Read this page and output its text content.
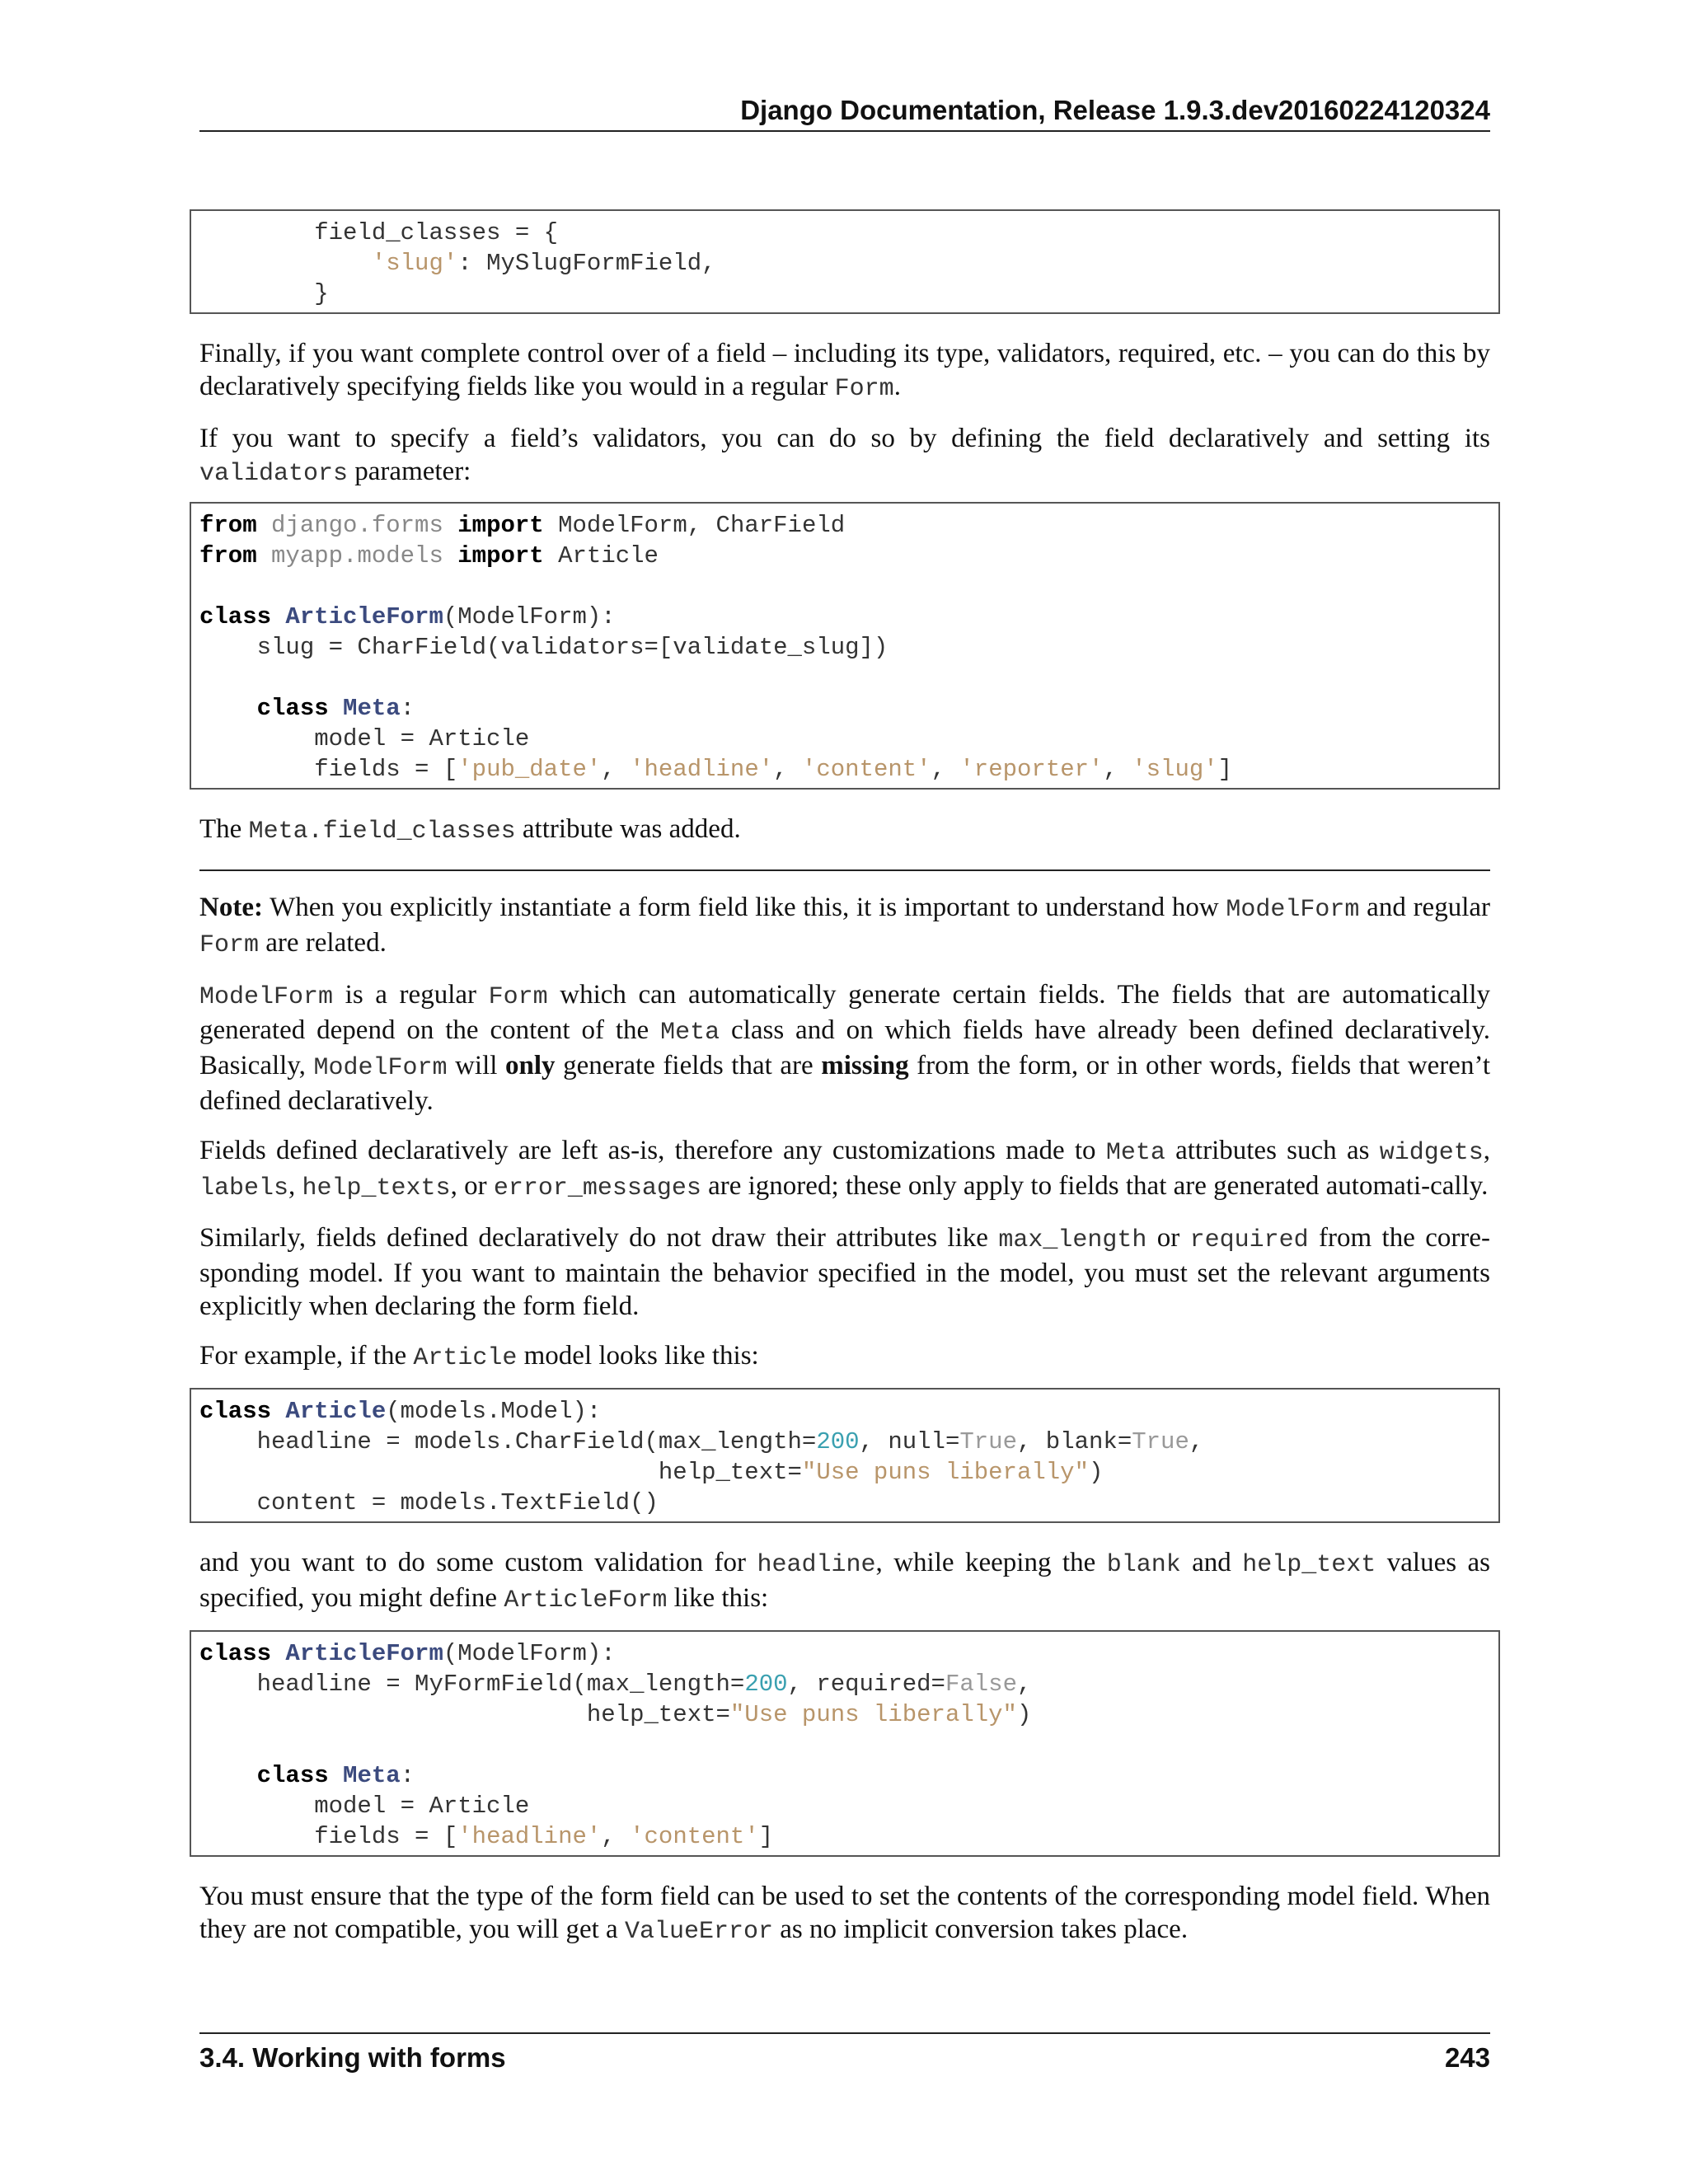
Django Documentation, Release 1.9.3.dev20160224120324
field_classes = {
'slug': MySlugFormField,
}

Finally, if you want complete control over of a field – including its type, validators, required, etc. – you can do this by declaratively specifying fields like you would in a regular Form.

If you want to specify a field’s validators, you can do so by defining the field declaratively and setting its validators parameter:

from django.forms import ModelForm, CharField
from myapp.models import Article
class ArticleForm(ModelForm):
slug = CharField(validators=[validate_slug])
class Meta:
model = Article
fields = ['pub_date', 'headline', 'content', 'reporter', 'slug']

The Meta.field_classes attribute was added.

Note: When you explicitly instantiate a form field like this, it is important to understand how ModelForm and regular Form are related.

ModelForm is a regular Form which can automatically generate certain fields. The fields that are automatically generated depend on the content of the Meta class and on which fields have already been defined declaratively. Basically, ModelForm will only generate fields that are missing from the form, or in other words, fields that weren’t defined declaratively.

Fields defined declaratively are left as-is, therefore any customizations made to Meta attributes such as widgets, labels, help_texts, or error_messages are ignored; these only apply to fields that are generated automati-cally.

Similarly, fields defined declaratively do not draw their attributes like max_length or required from the corre-sponding model. If you want to maintain the behavior specified in the model, you must set the relevant arguments explicitly when declaring the form field.

For example, if the Article model looks like this:

class Article(models.Model):
headline = models.CharField(max_length=200, null=True, blank=True,
help_text="Use puns liberally")
content = models.TextField()

and you want to do some custom validation for headline, while keeping the blank and help_text values as specified, you might define ArticleForm like this:

class ArticleForm(ModelForm):
headline = MyFormField(max_length=200, required=False,
help_text="Use puns liberally")
class Meta:
model = Article
fields = ['headline', 'content']

You must ensure that the type of the form field can be used to set the contents of the corresponding model field. When they are not compatible, you will get a ValueError as no implicit conversion takes place.

3.4. Working with forms	243
